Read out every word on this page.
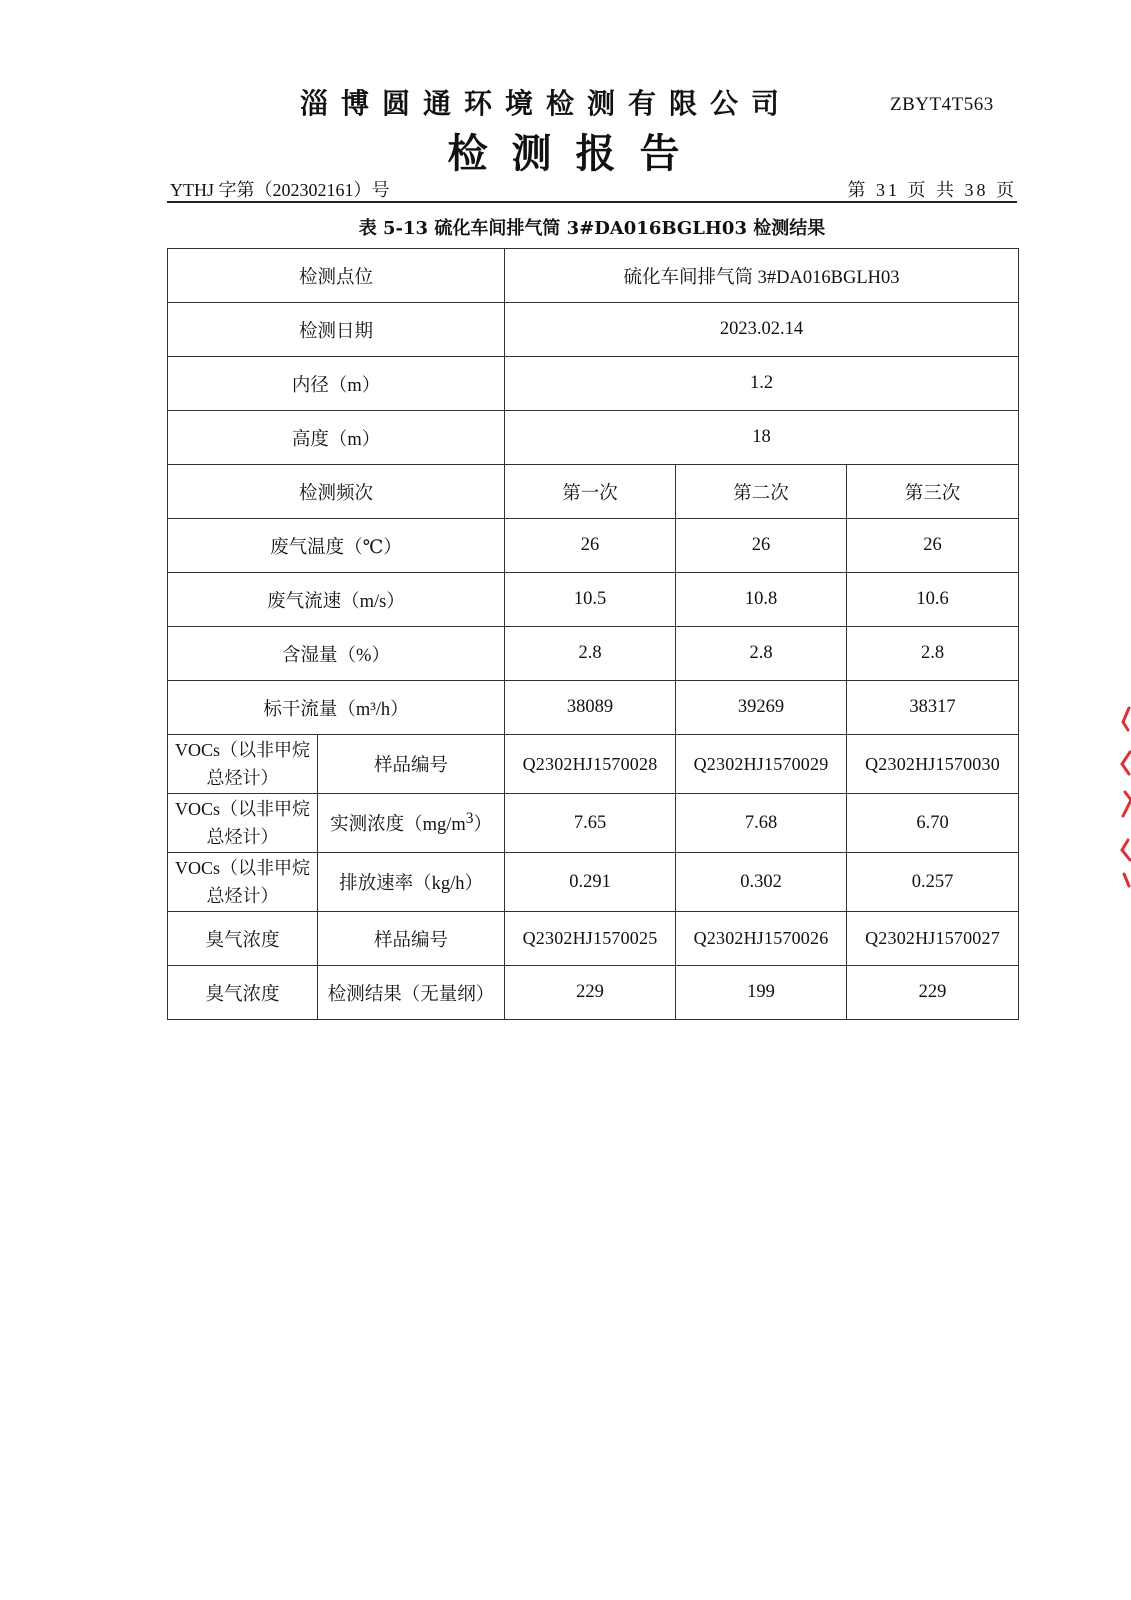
淄博圆通环境检测有限公司	ZBYT4T563
检测报告
YTHJ 字第（202302161）号	第 31 页 共 38 页
表 5-13 硫化车间排气筒 3#DA016BGLH03 检测结果
检测点位		硫化车间排气筒 3#DA016BGLH03		
检测日期		2023.02.14		
内径（m）		1.2		
高度（m）		18		
检测频次		第一次	第二次	第三次
废气温度（℃）		26	26	26
废气流速（m/s）		10.5	10.8	10.6
含湿量（%）		2.8	2.8	2.8
标干流量（m³/h）		38089	39269	38317
VOCs（以非甲烷总烃计）	样品编号	Q2302HJ1570028	Q2302HJ1570029	Q2302HJ1570030
VOCs（以非甲烷总烃计）	实测浓度$(mg/m^3)$	7.65	7.68	6.70
VOCs（以非甲烷总烃计）	排放速率（kg/h）	0.291	0.302	0.257
臭气浓度	样品编号	Q2302HJ1570025	Q2302HJ1570026	Q2302HJ1570027
臭气浓度	检测结果（无量纲）	229	199	229
